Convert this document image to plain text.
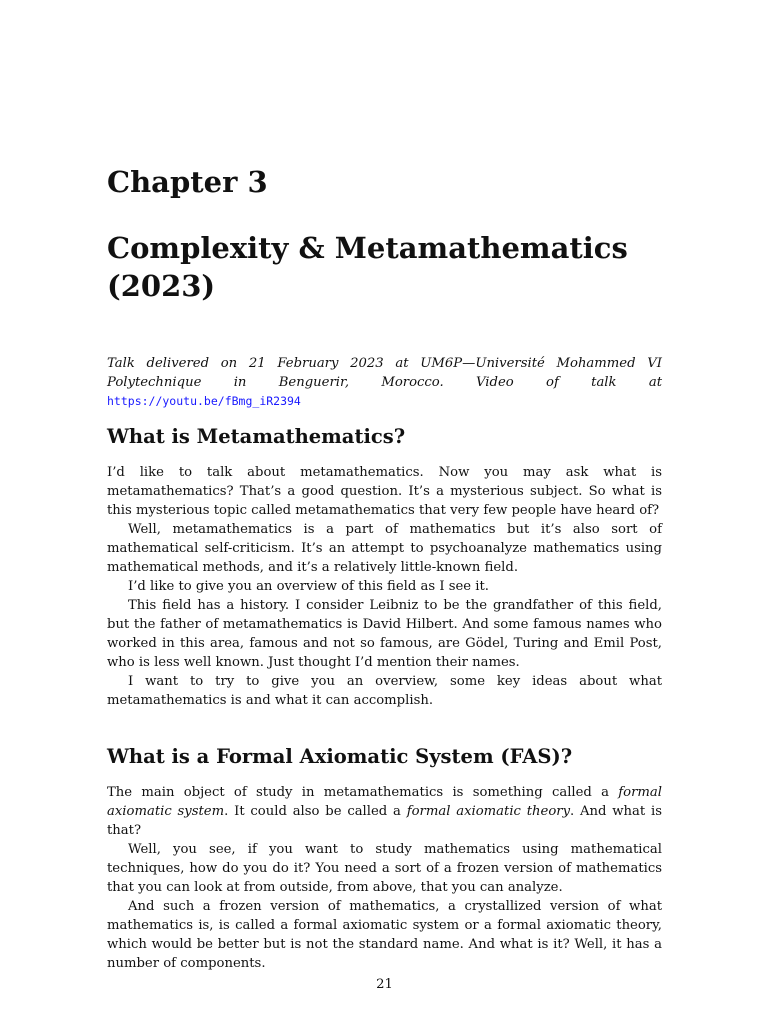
Chapter 3
Complexity & Metamathematics (2023)

Talk delivered on 21 February 2023 at UM6P—Université Mohammed VI Polytechnique in Benguerir, Morocco. Video of talk at https://youtu.be/fBmg_iR2394

What is Metamathematics?

I’d like to talk about metamathematics. Now you may ask what is metamathematics? That’s a good question. It’s a mysterious subject. So what is this mysterious topic called metamathematics that very few people have heard of?

Well, metamathematics is a part of mathematics but it’s also sort of mathematical self-criticism. It’s an attempt to psychoanalyze mathematics using mathematical methods, and it’s a relatively little-known field.

I’d like to give you an overview of this field as I see it.

This field has a history. I consider Leibniz to be the grandfather of this field, but the father of metamathematics is David Hilbert. And some famous names who worked in this area, famous and not so famous, are Gödel, Turing and Emil Post, who is less well known. Just thought I’d mention their names.

I want to try to give you an overview, some key ideas about what metamathematics is and what it can accomplish.

What is a Formal Axiomatic System (FAS)?

The main object of study in metamathematics is something called a formal axiomatic system. It could also be called a formal axiomatic theory. And what is that?

Well, you see, if you want to study mathematics using mathematical techniques, how do you do it? You need a sort of a frozen version of mathematics that you can look at from outside, from above, that you can analyze.

And such a frozen version of mathematics, a crystallized version of what mathematics is, is called a formal axiomatic system or a formal axiomatic theory, which would be better but is not the standard name. And what is it? Well, it has a number of components.

21
